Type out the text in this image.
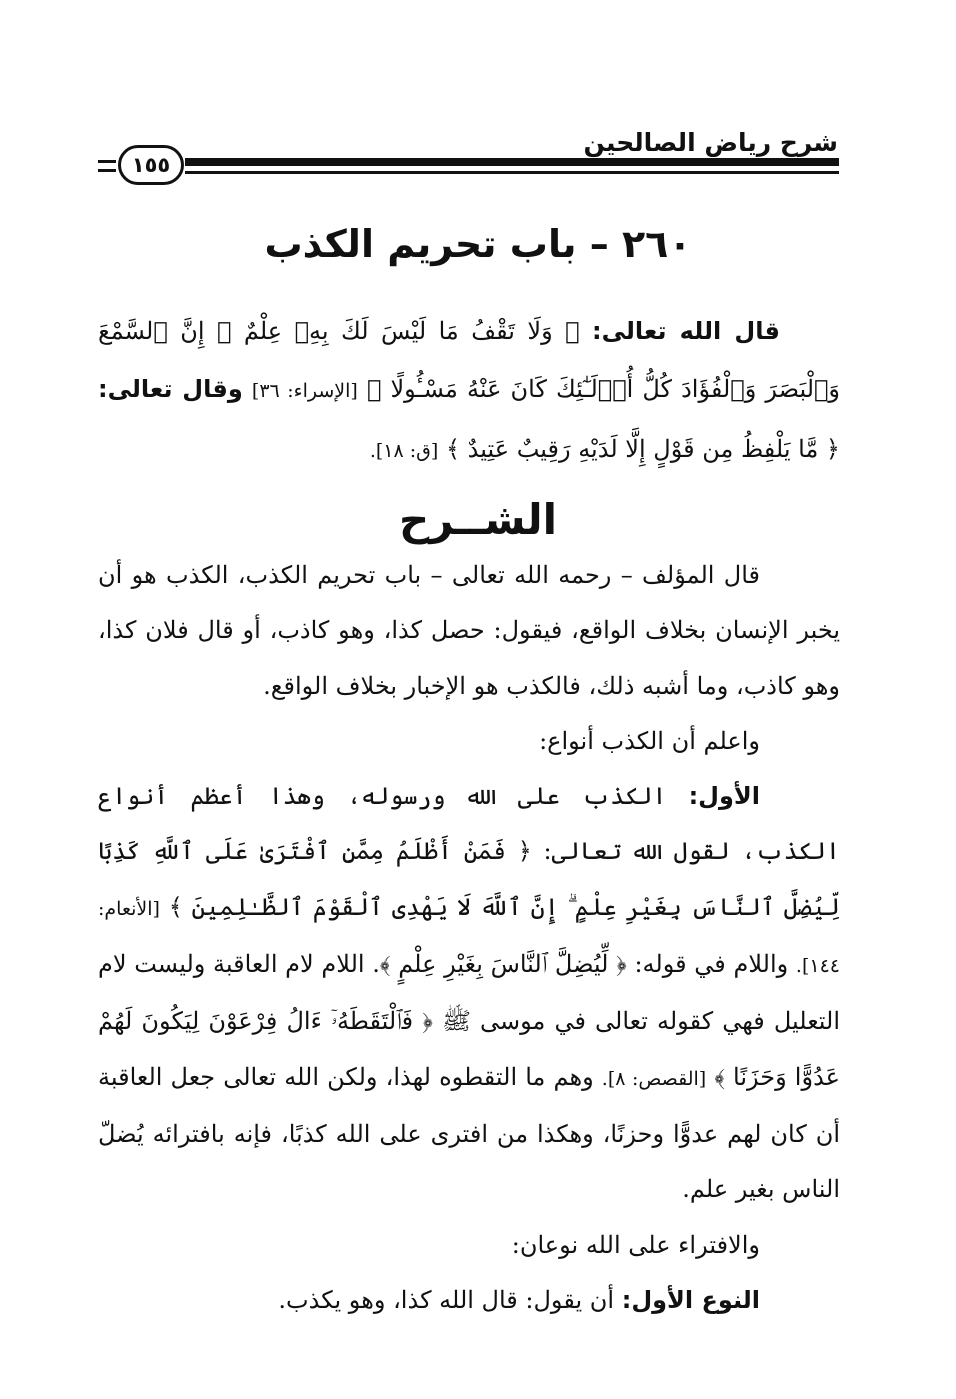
شرح رياض الصالحين
١٥٥
٢٦٠ – باب تحريم الكذب
قال الله تعالى: ﴿ وَلَا تَقْفُ مَا لَيْسَ لَكَ بِهِۦ عِلْمٌ ۚ إِنَّ ٱلسَّمْعَ وَٱلْبَصَرَ وَٱلْفُؤَادَ كُلُّ أُو۟لَـٰٓئِكَ كَانَ عَنْهُ مَسْـُٔولًا ﴾ [الإسراء: ٣٦] وقال تعالى: ﴿ مَّا يَلْفِظُ مِن قَوْلٍ إِلَّا لَدَيْهِ رَقِيبٌ عَتِيدٌ ﴾ [ق: ١٨].
الشــرح

قال المؤلف – رحمه الله تعالى – باب تحريم الكذب، الكذب هو أن يخبر الإنسان بخلاف الواقع، فيقول: حصل كذا، وهو كاذب، أو قال فلان كذا، وهو كاذب، وما أشبه ذلك، فالكذب هو الإخبار بخلاف الواقع.

واعلم أن الكذب أنواع:

الأول: الكذب على الله ورسوله، وهذا أعظم أنواع الكذب، لقول الله تعالى: ﴿ فَمَنْ أَظْلَمُ مِمَّنِ ٱفْتَرَىٰ عَلَى ٱللَّهِ كَذِبًا لِّيُضِلَّ ٱلنَّاسَ بِغَيْرِ عِلْمٍ ۗ إِنَّ ٱللَّهَ لَا يَهْدِى ٱلْقَوْمَ ٱلظَّـٰلِمِينَ ﴾ [الأنعام: ١٤٤]. واللام في قوله: ﴿ لِّيُضِلَّ ٱلنَّاسَ بِغَيْرِ عِلْمٍ ﴾. اللام لام العاقبة وليست لام التعليل فهي كقوله تعالى في موسى ﷺ ﴿ فَٱلْتَقَطَهُۥٓ ءَالُ فِرْعَوْنَ لِيَكُونَ لَهُمْ عَدُوًّا وَحَزَنًا ﴾ [القصص: ٨]. وهم ما التقطوه لهذا، ولكن الله تعالى جعل العاقبة أن كان لهم عدوًّا وحزنًا، وهكذا من افترى على الله كذبًا، فإنه بافترائه يُضلّ الناس بغير علم.

والافتراء على الله نوعان:

النوع الأول: أن يقول: قال الله كذا، وهو يكذب.
